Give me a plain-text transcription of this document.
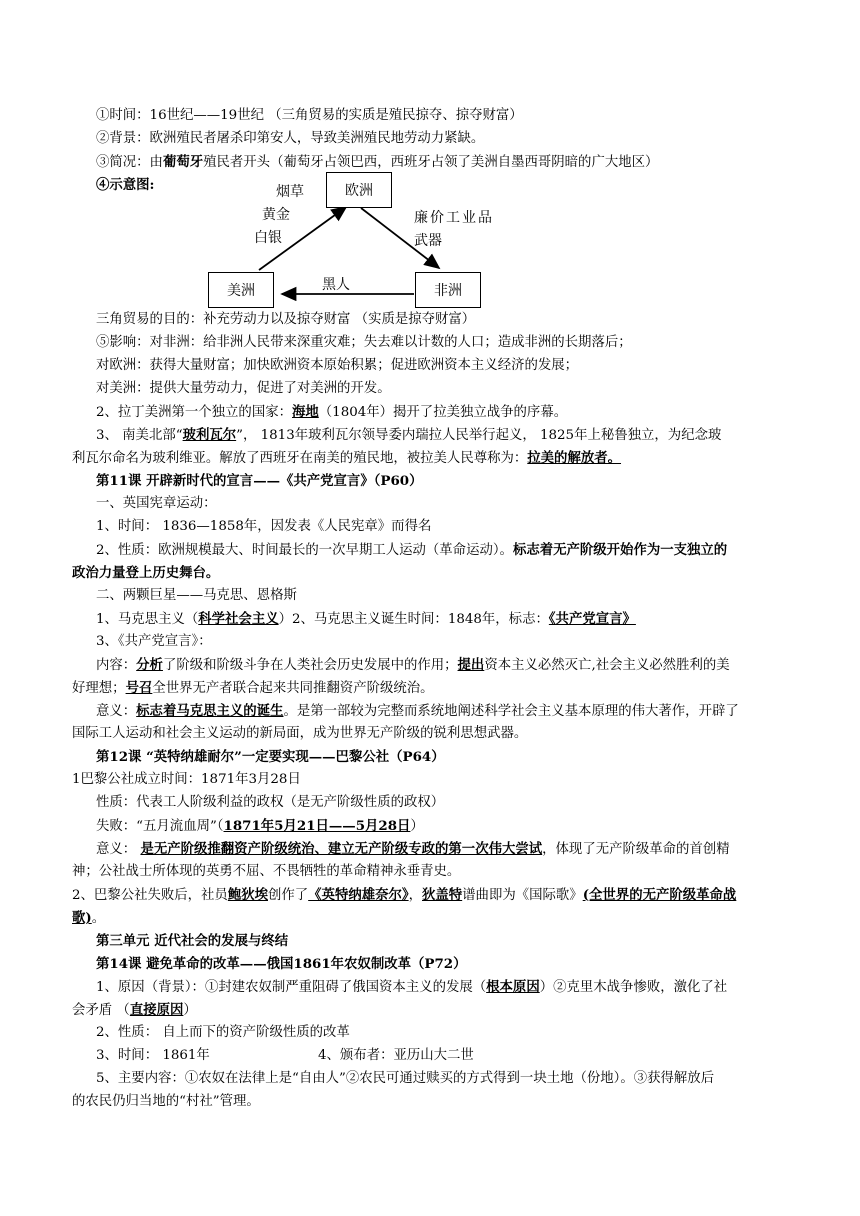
①时间：16世纪——19世纪 （三角贸易的实质是殖民掠夺、掠夺财富）
②背景：欧洲殖民者屠杀印第安人，导致美洲殖民地劳动力紧缺。
③简况：由葡萄牙殖民者开头（葡萄牙占领巴西，西班牙占领了美洲自墨西哥阴暗的广大地区）
④示意图:	欧洲
美洲	非洲
烟草
黄金
白银
廉价工业品
武器
黑人
三角贸易的目的：补充劳动力以及掠夺财富 （实质是掠夺财富）
⑤影响：对非洲：给非洲人民带来深重灾难；失去难以计数的人口；造成非洲的长期落后；
对欧洲：获得大量财富；加快欧洲资本原始积累；促进欧洲资本主义经济的发展；
对美洲：提供大量劳动力，促进了对美洲的开发。
2、拉丁美洲第一个独立的国家：海地（1804年）揭开了拉美独立战争的序幕。
3、 南美北部“玻利瓦尔”， 1813年玻利瓦尔领导委内瑞拉人民举行起义， 1825年上秘鲁独立，为纪念玻
利瓦尔命名为玻利维亚。解放了西班牙在南美的殖民地，被拉美人民尊称为：拉美的解放者。
第11课 开辟新时代的宣言——《共产党宣言》（P60）
一、英国宪章运动：
1、时间： 1836—1858年，因发表《人民宪章》而得名
2、性质：欧洲规模最大、时间最长的一次早期工人运动（革命运动）。标志着无产阶级开始作为一支独立的
政治力量登上历史舞台。
二、两颗巨星——马克思、恩格斯
1、马克思主义（科学社会主义）2、马克思主义诞生时间：1848年，标志：《共产党宣言》
3、《共产党宣言》：
内容：分析了阶级和阶级斗争在人类社会历史发展中的作用；提出资本主义必然灭亡,社会主义必然胜利的美
好理想；号召全世界无产者联合起来共同推翻资产阶级统治。
意义：标志着马克思主义的诞生。是第一部较为完整而系统地阐述科学社会主义基本原理的伟大著作，开辟了
国际工人运动和社会主义运动的新局面，成为世界无产阶级的锐利思想武器。
第12课 “英特纳雄耐尔”一定要实现——巴黎公社（P64）
1巴黎公社成立时间：1871年3月28日
性质：代表工人阶级利益的政权（是无产阶级性质的政权）
失败：“五月流血周”（1871年5月21日——5月28日）
意义： 是无产阶级推翻资产阶级统治、建立无产阶级专政的第一次伟大尝试，体现了无产阶级革命的首创精
神；公社战士所体现的英勇不屈、不畏牺牲的革命精神永垂青史。
2、巴黎公社失败后，社员鲍狄埃创作了《英特纳雄奈尔》，狄盖特谱曲即为《国际歌》(全世界的无产阶级革命战
歌)。
第三单元 近代社会的发展与终结
第14课 避免革命的改革——俄国1861年农奴制改革（P72）
1、原因（背景）：①封建农奴制严重阻碍了俄国资本主义的发展（根本原因）②克里木战争惨败，激化了社
会矛盾 （直接原因）
2、性质： 自上而下的资产阶级性质的改革
3、时间： 1861年	4、颁布者：亚历山大二世
5、主要内容：①农奴在法律上是“自由人”②农民可通过赎买的方式得到一块土地（份地）。③获得解放后
的农民仍归当地的“村社”管理。
